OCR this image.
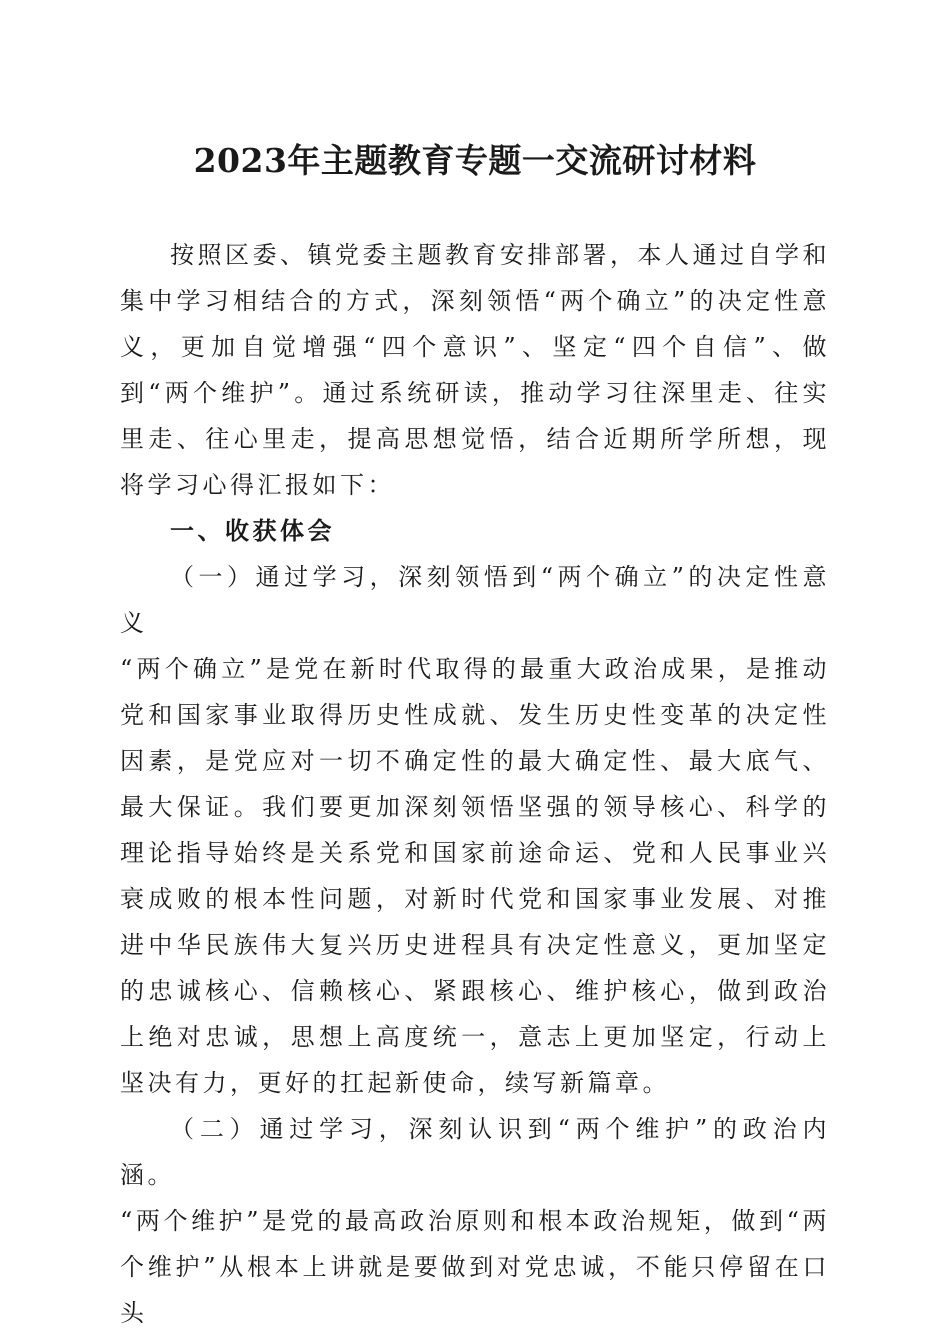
2023年主题教育专题一交流研讨材料

按照区委、镇党委主题教育安排部署，本人通过自学和集中学习相结合的方式，深刻领悟“两个确立”的决定性意义，更加自觉增强“四个意识”、坚定“四个自信”、做到“两个维护”。通过系统研读，推动学习往深里走、往实里走、往心里走，提高思想觉悟，结合近期所学所想，现将学习心得汇报如下：

一、收获体会

（一）通过学习，深刻领悟到“两个确立”的决定性意义

“两个确立”是党在新时代取得的最重大政治成果，是推动党和国家事业取得历史性成就、发生历史性变革的决定性因素，是党应对一切不确定性的最大确定性、最大底气、最大保证。我们要更加深刻领悟坚强的领导核心、科学的理论指导始终是关系党和国家前途命运、党和人民事业兴衰成败的根本性问题，对新时代党和国家事业发展、对推进中华民族伟大复兴历史进程具有决定性意义，更加坚定的忠诚核心、信赖核心、紧跟核心、维护核心，做到政治上绝对忠诚，思想上高度统一，意志上更加坚定，行动上坚决有力，更好的扛起新使命，续写新篇章。

（二）通过学习，深刻认识到“两个维护”的政治内涵。

“两个维护”是党的最高政治原则和根本政治规矩，做到“两个维护”从根本上讲就是要做到对党忠诚，不能只停留在口头
